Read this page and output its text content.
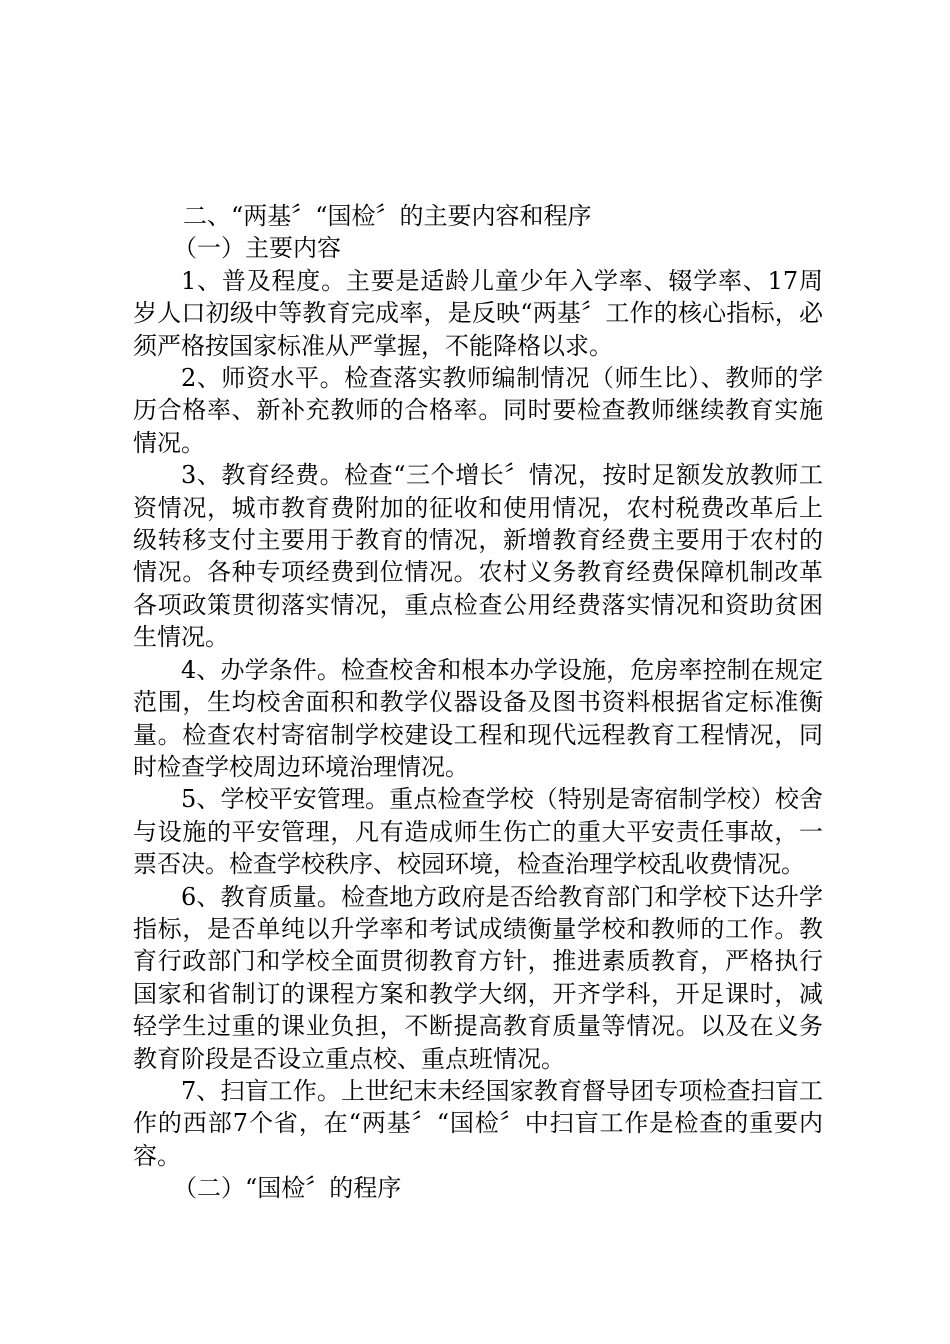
二、“两基〞“国检〞的主要内容和程序

（一）主要内容

1、普及程度。主要是适龄儿童少年入学率、辍学率、17周岁人口初级中等教育完成率，是反映“两基〞工作的核心指标，必须严格按国家标准从严掌握，不能降格以求。

2、师资水平。检查落实教师编制情况（师生比）、教师的学历合格率、新补充教师的合格率。同时要检查教师继续教育实施情况。

3、教育经费。检查“三个增长〞情况，按时足额发放教师工资情况，城市教育费附加的征收和使用情况，农村税费改革后上级转移支付主要用于教育的情况，新增教育经费主要用于农村的情况。各种专项经费到位情况。农村义务教育经费保障机制改革各项政策贯彻落实情况，重点检查公用经费落实情况和资助贫困生情况。

4、办学条件。检查校舍和根本办学设施，危房率控制在规定范围，生均校舍面积和教学仪器设备及图书资料根据省定标准衡量。检查农村寄宿制学校建设工程和现代远程教育工程情况，同时检查学校周边环境治理情况。

5、学校平安管理。重点检查学校（特别是寄宿制学校）校舍与设施的平安管理，凡有造成师生伤亡的重大平安责任事故，一票否决。检查学校秩序、校园环境，检查治理学校乱收费情况。

6、教育质量。检查地方政府是否给教育部门和学校下达升学指标，是否单纯以升学率和考试成绩衡量学校和教师的工作。教育行政部门和学校全面贯彻教育方针，推进素质教育，严格执行国家和省制订的课程方案和教学大纲，开齐学科，开足课时，减轻学生过重的课业负担，不断提高教育质量等情况。以及在义务教育阶段是否设立重点校、重点班情况。

7、扫盲工作。上世纪末未经国家教育督导团专项检查扫盲工作的西部7个省，在“两基〞“国检〞中扫盲工作是检查的重要内容。

（二）“国检〞的程序
